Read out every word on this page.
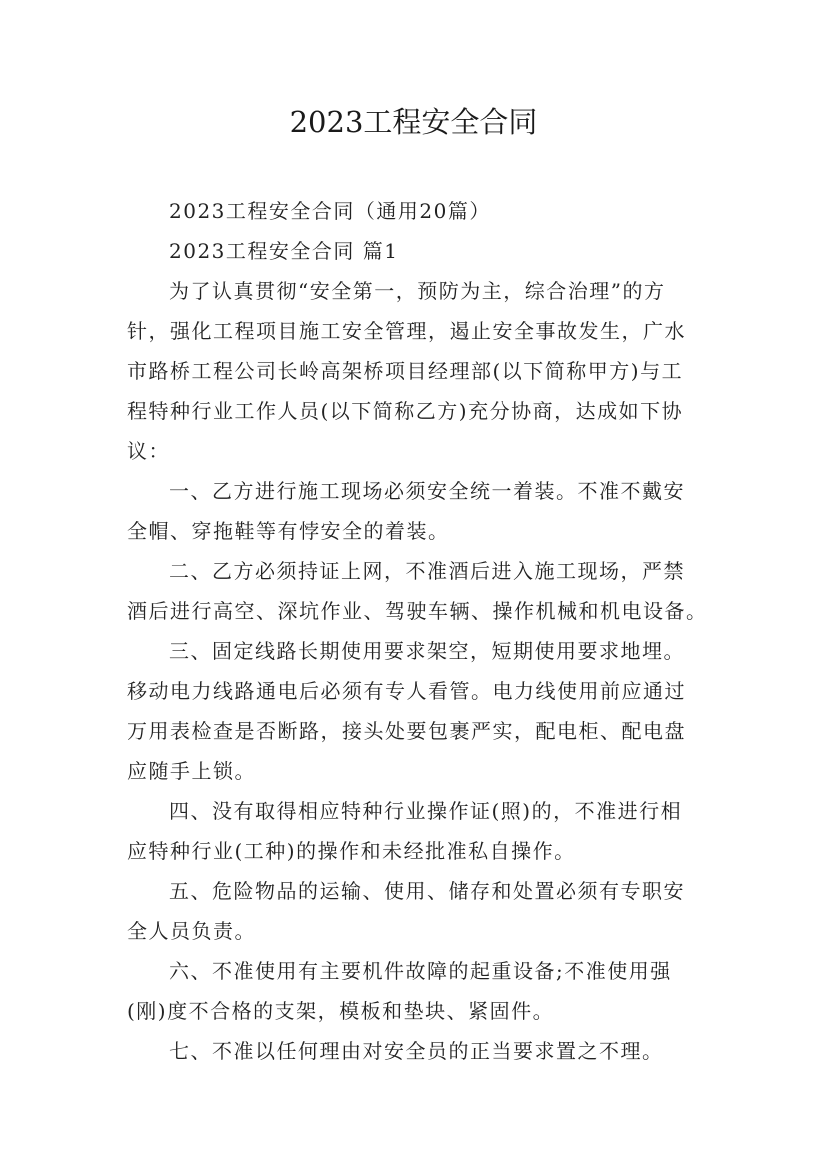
2023工程安全合同
2023工程安全合同（通用20篇）
2023工程安全合同 篇1
为了认真贯彻“安全第一，预防为主，综合治理”的方
针，强化工程项目施工安全管理，遏止安全事故发生，广水
市路桥工程公司长岭高架桥项目经理部(以下简称甲方)与工
程特种行业工作人员(以下简称乙方)充分协商，达成如下协
议：
一、乙方进行施工现场必须安全统一着装。不准不戴安
全帽、穿拖鞋等有悖安全的着装。
二、乙方必须持证上网，不准酒后进入施工现场，严禁
酒后进行高空、深坑作业、驾驶车辆、操作机械和机电设备。
三、固定线路长期使用要求架空，短期使用要求地埋。
移动电力线路通电后必须有专人看管。电力线使用前应通过
万用表检查是否断路，接头处要包裹严实，配电柜、配电盘
应随手上锁。
四、没有取得相应特种行业操作证(照)的，不准进行相
应特种行业(工种)的操作和未经批准私自操作。
五、危险物品的运输、使用、储存和处置必须有专职安
全人员负责。
六、不准使用有主要机件故障的起重设备;不准使用强
(刚)度不合格的支架，模板和垫块、紧固件。
七、不准以任何理由对安全员的正当要求置之不理。
